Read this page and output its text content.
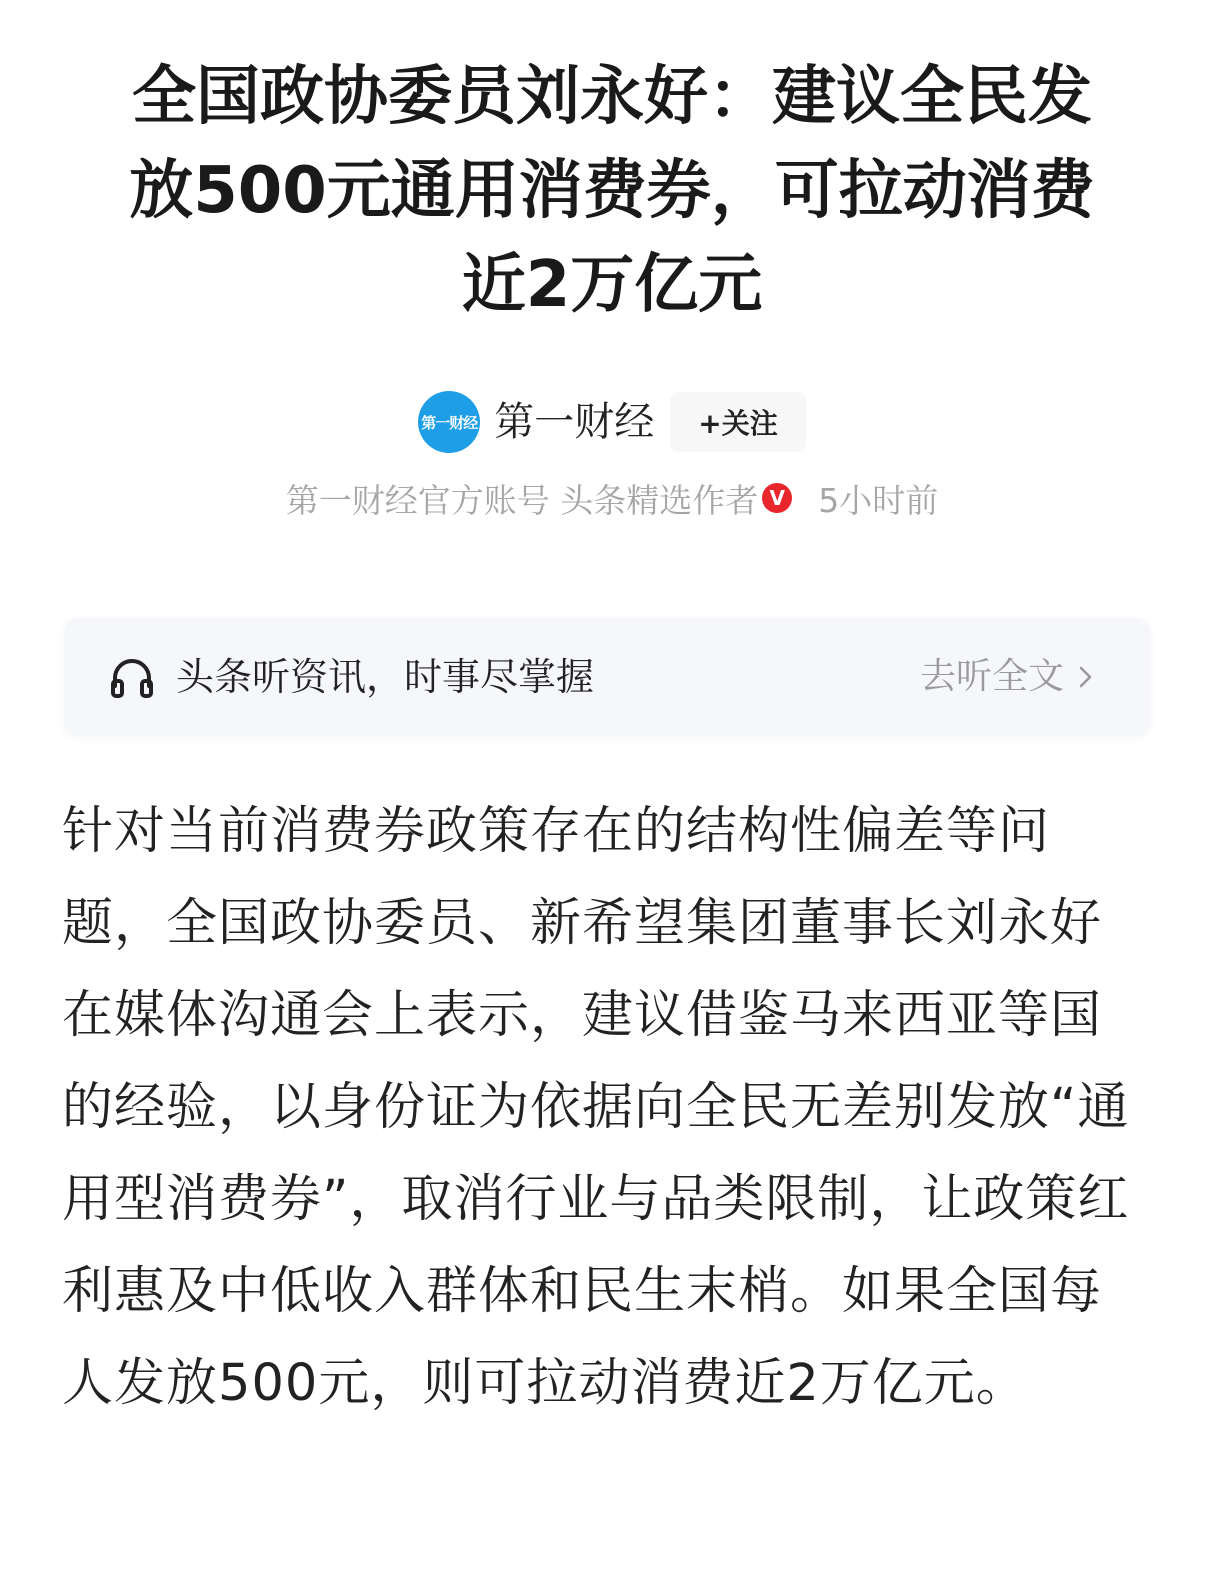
全国政协委员刘永好：建议全民发放500元通用消费券，可拉动消费近2万亿元
第一财经 第一财经	+关注
第一财经官方账号 头条精选作者 V 5小时前
头条听资讯，时事尽掌握	去听全文

针对当前消费券政策存在的结构性偏差等问题，全国政协委员、新希望集团董事长刘永好在媒体沟通会上表示，建议借鉴马来西亚等国的经验，以身份证为依据向全民无差别发放“通用型消费券”，取消行业与品类限制，让政策红利惠及中低收入群体和民生末梢。如果全国每人发放500元，则可拉动消费近2万亿元。
